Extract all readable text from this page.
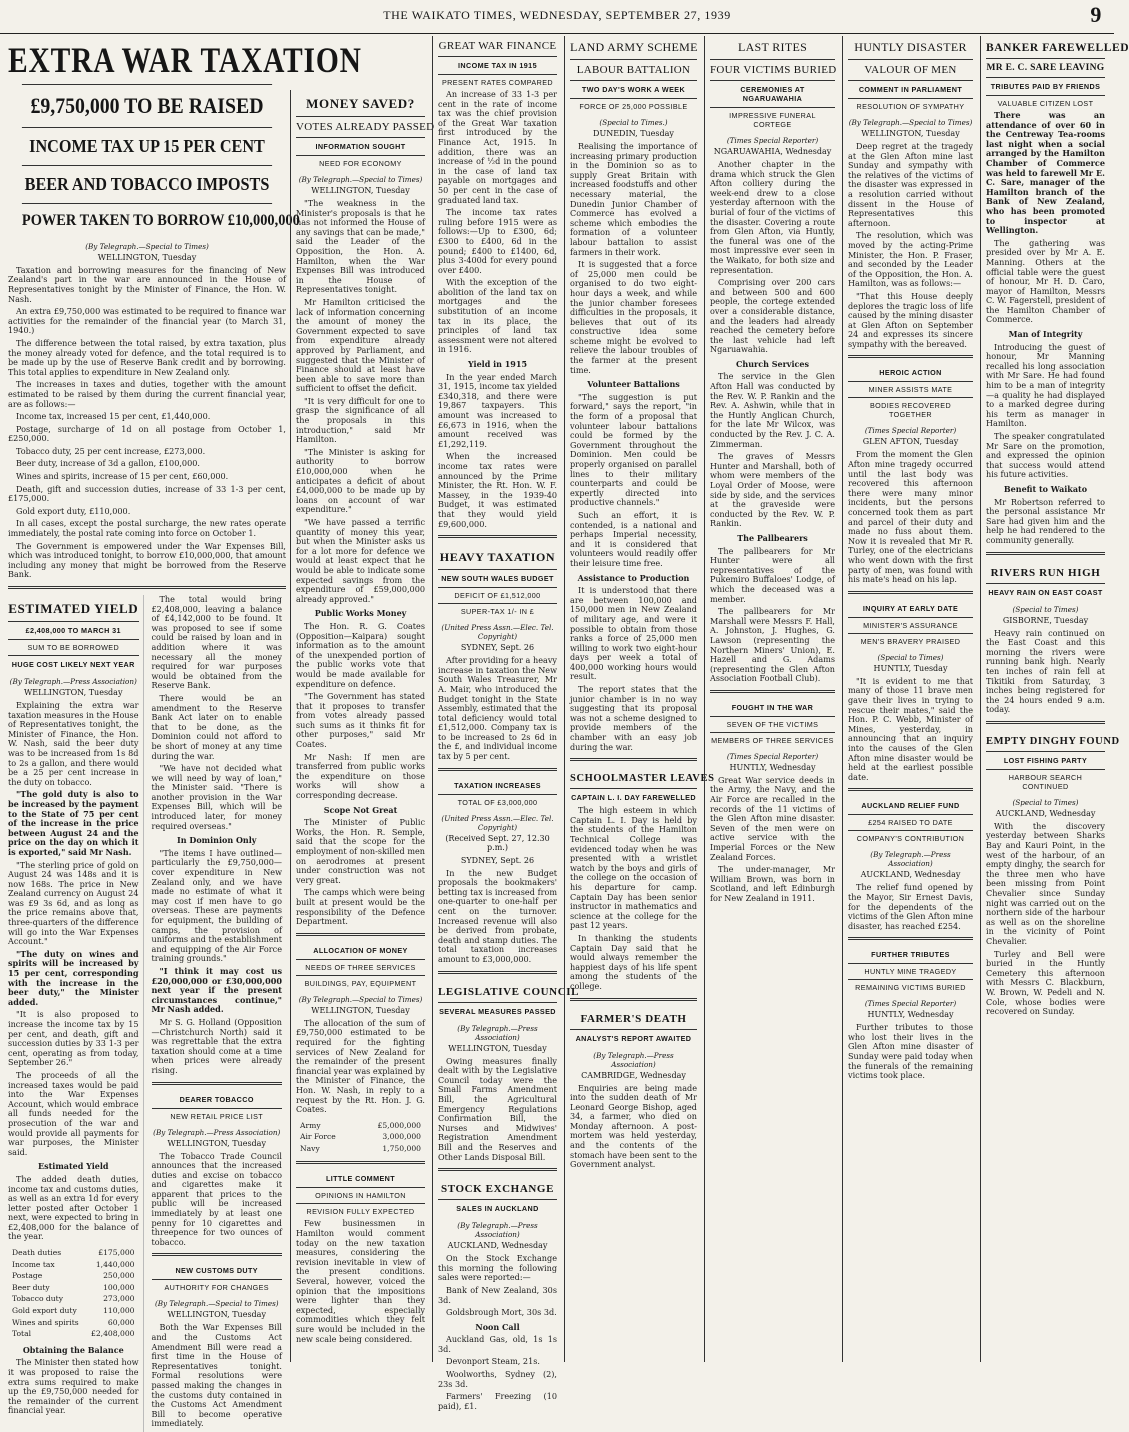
THE WAIKATO TIMES, WEDNESDAY, SEPTEMBER 27, 1939	9
EXTRA WAR TAXATION
£9,750,000 TO BE RAISED
INCOME TAX UP 15 PER CENT
BEER AND TOBACCO IMPOSTS
POWER TAKEN TO BORROW £10,000,000
(By Telegraph.—Special to Times)
WELLINGTON, Tuesday

Taxation and borrowing measures for the financing of New Zealand's part in the war are announced in the House of Representatives tonight by the Minister of Finance, the Hon. W. Nash.

An extra £9,750,000 was estimated to be required to finance war activities for the remainder of the financial year (to March 31, 1940.)

The difference between the total raised, by extra taxation, plus the money already voted for defence, and the total required is to be made up by the use of Reserve Bank credit and by borrowing. This total applies to expenditure in New Zealand only.

The increases in taxes and duties, together with the amount estimated to be raised by them during the current financial year, are as follows:—

Income tax, increased 15 per cent, £1,440,000.

Postage, surcharge of 1d on all postage from October 1, £250,000.

Tobacco duty, 25 per cent increase, £273,000.

Beer duty, increase of 3d a gallon, £100,000.

Wines and spirits, increase of 15 per cent, £60,000.

Death, gift and succession duties, increase of 33 1-3 per cent, £175,000.

Gold export duty, £110,000.

In all cases, except the postal surcharge, the new rates operate immediately, the postal rate coming into force on October 1.

The Government is empowered under the War Expenses Bill, which was introduced tonight, to borrow £10,000,000, that amount including any money that might be borrowed from the Reserve Bank.

ESTIMATED YIELD
£2,408,000 TO MARCH 31
SUM TO BE BORROWED
HUGE COST LIKELY NEXT YEAR
(By Telegraph.—Press Association)
WELLINGTON, Tuesday

Explaining the extra war taxation measures in the House of Representatives tonight, the Minister of Finance, the Hon. W. Nash, said the beer duty was to be increased from 1s 8d to 2s a gallon, and there would be a 25 per cent increase in the duty on tobacco.

"The gold duty is also to be increased by the payment to the State of 75 per cent of the increase in the price between August 24 and the price on the day on which it is exported," said Mr Nash.

"The sterling price of gold on August 24 was 148s and it is now 168s. The price in New Zealand currency on August 24 was £9 3s 6d, and as long as the price remains above that, three-quarters of the difference will go into the War Expenses Account."

"The duty on wines and spirits will be increased by 15 per cent, corresponding with the increase in the beer duty," the Minister added.

"It is also proposed to increase the income tax by 15 per cent, and death, gift and succession duties by 33 1-3 per cent, operating as from today, September 26."

The proceeds of all the increased taxes would be paid into the War Expenses Account, which would embrace all funds needed for the prosecution of the war and would provide all payments for war purposes, the Minister said.

Estimated Yield

The added death duties, income tax and customs duties, as well as an extra 1d for every letter posted after October 1 next, were expected to bring in £2,408,000 for the balance of the year.

Death duties	£175,000
Income tax	1,440,000
Postage	250,000
Beer duty	100,000
Tobacco duty	273,000
Gold export duty	110,000
Wines and spirits	60,000
Total	£2,408,000
Obtaining the Balance

The Minister then stated how it was proposed to raise the extra sums required to make up the £9,750,000 needed for the remainder of the current financial year.

The total would bring £2,408,000, leaving a balance of £4,142,000 to be found. It was proposed to see if some could be raised by loan and in addition where it was necessary all the money required for war purposes would be obtained from the Reserve Bank.

There would be an amendment to the Reserve Bank Act later on to enable that to be done, as the Dominion could not afford to be short of money at any time during the war.

"We have not decided what we will need by way of loan," the Minister said. "There is another provision in the War Expenses Bill, which will be introduced later, for money required overseas."

In Dominion Only

"The items I have outlined—particularly the £9,750,000—cover expenditure in New Zealand only, and we have made no estimate of what it may cost if men have to go overseas. These are payments for equipment, the building of camps, the provision of uniforms and the establishment and equipping of the Air Force training grounds."

"I think it may cost us £20,000,000 or £30,000,000 next year if the present circumstances continue," Mr Nash added.

Mr S. G. Holland (Opposition—Christchurch North) said it was regrettable that the extra taxation should come at a time when prices were already rising.

DEARER TOBACCO
NEW RETAIL PRICE LIST
(By Telegraph.—Press Association)
WELLINGTON, Tuesday

The Tobacco Trade Council announces that the increased duties and excise on tobacco and cigarettes make it apparent that prices to the public will be increased immediately by at least one penny for 10 cigarettes and threepence for two ounces of tobacco.

NEW CUSTOMS DUTY
AUTHORITY FOR CHANGES
(By Telegraph.—Special to Times)
WELLINGTON, Tuesday

Both the War Expenses Bill and the Customs Act Amendment Bill were read a first time in the House of Representatives tonight. Formal resolutions were passed making the changes in the customs duty contained in the Customs Act Amendment Bill to become operative immediately.

MONEY SAVED?
VOTES ALREADY PASSED
INFORMATION SOUGHT
NEED FOR ECONOMY
(By Telegraph.—Special to Times)
WELLINGTON, Tuesday

"The weakness in the Minister's proposals is that he has not informed the House of any savings that can be made," said the Leader of the Opposition, the Hon. A. Hamilton, when the War Expenses Bill was introduced in the House of Representatives tonight.

Mr Hamilton criticised the lack of information concerning the amount of money the Government expected to save from expenditure already approved by Parliament, and suggested that the Minister of Finance should at least have been able to save more than sufficient to offset the deficit.

"It is very difficult for one to grasp the significance of all the proposals in this introduction," said Mr Hamilton.

"The Minister is asking for authority to borrow £10,000,000 when he anticipates a deficit of about £4,000,000 to be made up by loans on account of war expenditure."

"We have passed a terrific quantity of money this year, but when the Minister asks us for a lot more for defence we would at least expect that he would be able to indicate some expected savings from the expenditure of £59,000,000 already approved."

Public Works Money

The Hon. R. G. Coates (Opposition—Kaipara) sought information as to the amount of the unexpended portion of the public works vote that would be made available for expenditure on defence.

"The Government has stated that it proposes to transfer from votes already passed such sums as it thinks fit for other purposes," said Mr Coates.

Mr Nash: If men are transferred from public works the expenditure on those works will show a corresponding decrease.

Scope Not Great

The Minister of Public Works, the Hon. R. Semple, said that the scope for the employment of non-skilled men on aerodromes at present under construction was not very great.

The camps which were being built at present would be the responsibility of the Defence Department.

ALLOCATION OF MONEY
NEEDS OF THREE SERVICES
BUILDINGS, PAY, EQUIPMENT
(By Telegraph.—Special to Times)
WELLINGTON, Tuesday

The allocation of the sum of £9,750,000 estimated to be required for the fighting services of New Zealand for the remainder of the present financial year was explained by the Minister of Finance, the Hon. W. Nash, in reply to a request by the Rt. Hon. J. G. Coates.

Army	£5,000,000
Air Force	3,000,000
Navy	1,750,000
LITTLE COMMENT
OPINIONS IN HAMILTON
REVISION FULLY EXPECTED

Few businessmen in Hamilton would comment today on the new taxation measures, considering the revision inevitable in view of the present conditions. Several, however, voiced the opinion that the impositions were lighter than they expected, especially commodities which they felt sure would be included in the new scale being considered.

GREAT WAR FINANCE
INCOME TAX IN 1915
PRESENT RATES COMPARED

An increase of 33 1-3 per cent in the rate of income tax was the chief provision of the Great War taxation first introduced by the Finance Act, 1915. In addition, there was an increase of ½d in the pound in the case of land tax payable on mortgages and 50 per cent in the case of graduated land tax.

The income tax rates ruling before 1915 were as follows:—Up to £300, 6d; £300 to £400, 6d in the pound; £400 to £1400, 6d, plus 3-400d for every pound over £400.

With the exception of the abolition of the land tax on mortgages and the substitution of an income tax in its place, the principles of land tax assessment were not altered in 1916.

Yield in 1915

In the year ended March 31, 1915, income tax yielded £340,318, and there were 19,867 taxpayers. This amount was increased to £6,673 in 1916, when the amount received was £1,292,119.

When the increased income tax rates were announced by the Prime Minister, the Rt. Hon. W. F. Massey, in the 1939-40 Budget, it was estimated that they would yield £9,600,000.

HEAVY TAXATION
NEW SOUTH WALES BUDGET
DEFICIT OF £1,512,000
SUPER-TAX 1/- IN £
(United Press Assn.—Elec. Tel. Copyright)
SYDNEY, Sept. 26

After providing for a heavy increase in taxation the New South Wales Treasurer, Mr A. Mair, who introduced the Budget tonight in the State Assembly, estimated that the total deficiency would total £1,512,000. Company tax is to be increased to 2s 6d in the £, and individual income tax by 5 per cent.

TAXATION INCREASES
TOTAL OF £3,000,000
(United Press Assn.—Elec. Tel. Copyright)
(Received Sept. 27, 12.30 p.m.)
SYDNEY, Sept. 26

In the new Budget proposals the bookmakers' betting tax is increased from one-quarter to one-half per cent on the turnover. Increased revenue will also be derived from probate, death and stamp duties. The total taxation increases amount to £3,000,000.

LEGISLATIVE COUNCIL
SEVERAL MEASURES PASSED
(By Telegraph.—Press Association)
WELLINGTON, Tuesday

Owing measures finally dealt with by the Legislative Council today were the Small Farms Amendment Bill, the Agricultural Emergency Regulations Confirmation Bill, the Nurses and Midwives' Registration Amendment Bill and the Reserves and Other Lands Disposal Bill.

STOCK EXCHANGE
SALES IN AUCKLAND
(By Telegraph.—Press Association)
AUCKLAND, Wednesday

On the Stock Exchange this morning the following sales were reported:—

Bank of New Zealand, 30s 3d.

Goldsbrough Mort, 30s 3d.

Noon Call

Auckland Gas, old, 1s 1s 3d.

Devonport Steam, 21s.

Woolworths, Sydney (2), 23s 3d.

Farmers' Freezing (10 paid), £1.

LAND ARMY SCHEME
LABOUR BATTALION
TWO DAY'S WORK A WEEK
FORCE OF 25,000 POSSIBLE
(Special to Times.)
DUNEDIN, Tuesday

Realising the importance of increasing primary production in the Dominion so as to supply Great Britain with increased foodstuffs and other necessary material, the Dunedin Junior Chamber of Commerce has evolved a scheme which embodies the formation of a volunteer labour battalion to assist farmers in their work.

It is suggested that a force of 25,000 men could be organised to do two eight-hour days a week, and while the junior chamber foresees difficulties in the proposals, it believes that out of its constructive idea some scheme might be evolved to relieve the labour troubles of the farmer at the present time.

Volunteer Battalions

"The suggestion is put forward," says the report, "in the form of a proposal that volunteer labour battalions could be formed by the Government throughout the Dominion. Men could be properly organised on parallel lines to their military counterparts and could be expertly directed into productive channels."

Such an effort, it is contended, is a national and perhaps Imperial necessity, and it is considered that volunteers would readily offer their leisure time free.

Assistance to Production

It is understood that there are between 100,000 and 150,000 men in New Zealand of military age, and were it possible to obtain from those ranks a force of 25,000 men willing to work two eight-hour days per week a total of 400,000 working hours would result.

The report states that the junior chamber is in no way suggesting that its proposal was not a scheme designed to provide members of the chamber with an easy job during the war.

SCHOOLMASTER LEAVES
CAPTAIN L. I. DAY FAREWELLED

The high esteem in which Captain L. I. Day is held by the students of the Hamilton Technical College was evidenced today when he was presented with a wristlet watch by the boys and girls of the college on the occasion of his departure for camp. Captain Day has been senior instructor in mathematics and science at the college for the past 12 years.

In thanking the students Captain Day said that he would always remember the happiest days of his life spent among the students of the college.

FARMER'S DEATH
ANALYST'S REPORT AWAITED
(By Telegraph.—Press Association)
CAMBRIDGE, Wednesday

Enquiries are being made into the sudden death of Mr Leonard George Bishop, aged 34, a farmer, who died on Monday afternoon. A post-mortem was held yesterday, and the contents of the stomach have been sent to the Government analyst.

LAST RITES
FOUR VICTIMS BURIED
CEREMONIES AT NGARUAWAHIA
IMPRESSIVE FUNERAL CORTEGE
(Times Special Reporter)
NGARUAWAHIA, Wednesday

Another chapter in the drama which struck the Glen Afton colliery during the week-end drew to a close yesterday afternoon with the burial of four of the victims of the disaster. Covering a route from Glen Afton, via Huntly, the funeral was one of the most impressive ever seen in the Waikato, for both size and representation.

Comprising over 200 cars and between 500 and 600 people, the cortege extended over a considerable distance, and the leaders had already reached the cemetery before the last vehicle had left Ngaruawahia.

Church Services

The service in the Glen Afton Hall was conducted by the Rev. W. P. Rankin and the Rev. A. Ashwin, while that in the Huntly Anglican Church, for the late Mr Wilcox, was conducted by the Rev. J. C. A. Zimmerman.

The graves of Messrs Hunter and Marshall, both of whom were members of the Loyal Order of Moose, were side by side, and the services at the graveside were conducted by the Rev. W. P. Rankin.

The Pallbearers

The pallbearers for Mr Hunter were all representatives of the Pukemiro Buffaloes' Lodge, of which the deceased was a member.

The pallbearers for Mr Marshall were Messrs F. Hall, A. Johnston, J. Hughes, G. Lawson (representing the Northern Miners' Union), E. Hazell and G. Adams (representing the Glen Afton Association Football Club).

FOUGHT IN THE WAR
SEVEN OF THE VICTIMS
MEMBERS OF THREE SERVICES
(Times Special Reporter)
HUNTLY, Wednesday

Great War service deeds in the Army, the Navy, and the Air Force are recalled in the records of the 11 victims of the Glen Afton mine disaster. Seven of the men were on active service with the Imperial Forces or the New Zealand Forces.

The under-manager, Mr William Brown, was born in Scotland, and left Edinburgh for New Zealand in 1911.

HUNTLY DISASTER
VALOUR OF MEN
COMMENT IN PARLIAMENT
RESOLUTION OF SYMPATHY
(By Telegraph.—Special to Times)
WELLINGTON, Tuesday

Deep regret at the tragedy at the Glen Afton mine last Sunday and sympathy with the relatives of the victims of the disaster was expressed in a resolution carried without dissent in the House of Representatives this afternoon.

The resolution, which was moved by the acting-Prime Minister, the Hon. P. Fraser, and seconded by the Leader of the Opposition, the Hon. A. Hamilton, was as follows:—

"That this House deeply deplores the tragic loss of life caused by the mining disaster at Glen Afton on September 24 and expresses its sincere sympathy with the bereaved.

HEROIC ACTION
MINER ASSISTS MATE
BODIES RECOVERED TOGETHER
(Times Special Reporter)
GLEN AFTON, Tuesday

From the moment the Glen Afton mine tragedy occurred until the last body was recovered this afternoon there were many minor incidents, but the persons concerned took them as part and parcel of their duty and made no fuss about them. Now it is revealed that Mr R. Turley, one of the electricians who went down with the first party of men, was found with his mate's head on his lap.

INQUIRY AT EARLY DATE
MINISTER'S ASSURANCE
MEN'S BRAVERY PRAISED
(Special to Times)
HUNTLY, Tuesday

"It is evident to me that many of those 11 brave men gave their lives in trying to rescue their mates," said the Hon. P. C. Webb, Minister of Mines, yesterday, in announcing that an inquiry into the causes of the Glen Afton mine disaster would be held at the earliest possible date.

AUCKLAND RELIEF FUND
£254 RAISED TO DATE
COMPANY'S CONTRIBUTION
(By Telegraph.—Press Association)
AUCKLAND, Wednesday

The relief fund opened by the Mayor, Sir Ernest Davis, for the dependents of the victims of the Glen Afton mine disaster, has reached £254.

FURTHER TRIBUTES
HUNTLY MINE TRAGEDY
REMAINING VICTIMS BURIED
(Times Special Reporter)
HUNTLY, Wednesday

Further tributes to those who lost their lives in the Glen Afton mine disaster of Sunday were paid today when the funerals of the remaining victims took place.

BANKER FAREWELLED
MR E. C. SARE LEAVING
TRIBUTES PAID BY FRIENDS
VALUABLE CITIZEN LOST

There was an attendance of over 60 in the Centreway Tea-rooms last night when a social arranged by the Hamilton Chamber of Commerce was held to farewell Mr E. C. Sare, manager of the Hamilton branch of the Bank of New Zealand, who has been promoted to inspector at Wellington.

The gathering was presided over by Mr A. E. Manning. Others at the official table were the guest of honour, Mr H. D. Caro, mayor of Hamilton, Messrs C. W. Fagerstell, president of the Hamilton Chamber of Commerce.

Man of Integrity

Introducing the guest of honour, Mr Manning recalled his long association with Mr Sare. He had found him to be a man of integrity—a quality he had displayed to a marked degree during his term as manager in Hamilton.

The speaker congratulated Mr Sare on the promotion, and expressed the opinion that success would attend his future activities.

Benefit to Waikato

Mr Robertson referred to the personal assistance Mr Sare had given him and the help he had rendered to the community generally.

RIVERS RUN HIGH
HEAVY RAIN ON EAST COAST
(Special to Times)
GISBORNE, Tuesday

Heavy rain continued on the East Coast and this morning the rivers were running bank high. Nearly ten inches of rain fell at Tikitiki from Saturday, 3 inches being registered for the 24 hours ended 9 a.m. today.

EMPTY DINGHY FOUND
LOST FISHING PARTY
HARBOUR SEARCH CONTINUED
(Special to Times)
AUCKLAND, Wednesday

With the discovery yesterday between Sharks Bay and Kauri Point, in the west of the harbour, of an empty dinghy, the search for the three men who have been missing from Point Chevalier since Sunday night was carried out on the northern side of the harbour as well as on the shoreline in the vicinity of Point Chevalier.

Turley and Bell were buried in the Huntly Cemetery this afternoon with Messrs C. Blackburn, W. Brown, W. Pedeli and N. Cole, whose bodies were recovered on Sunday.
